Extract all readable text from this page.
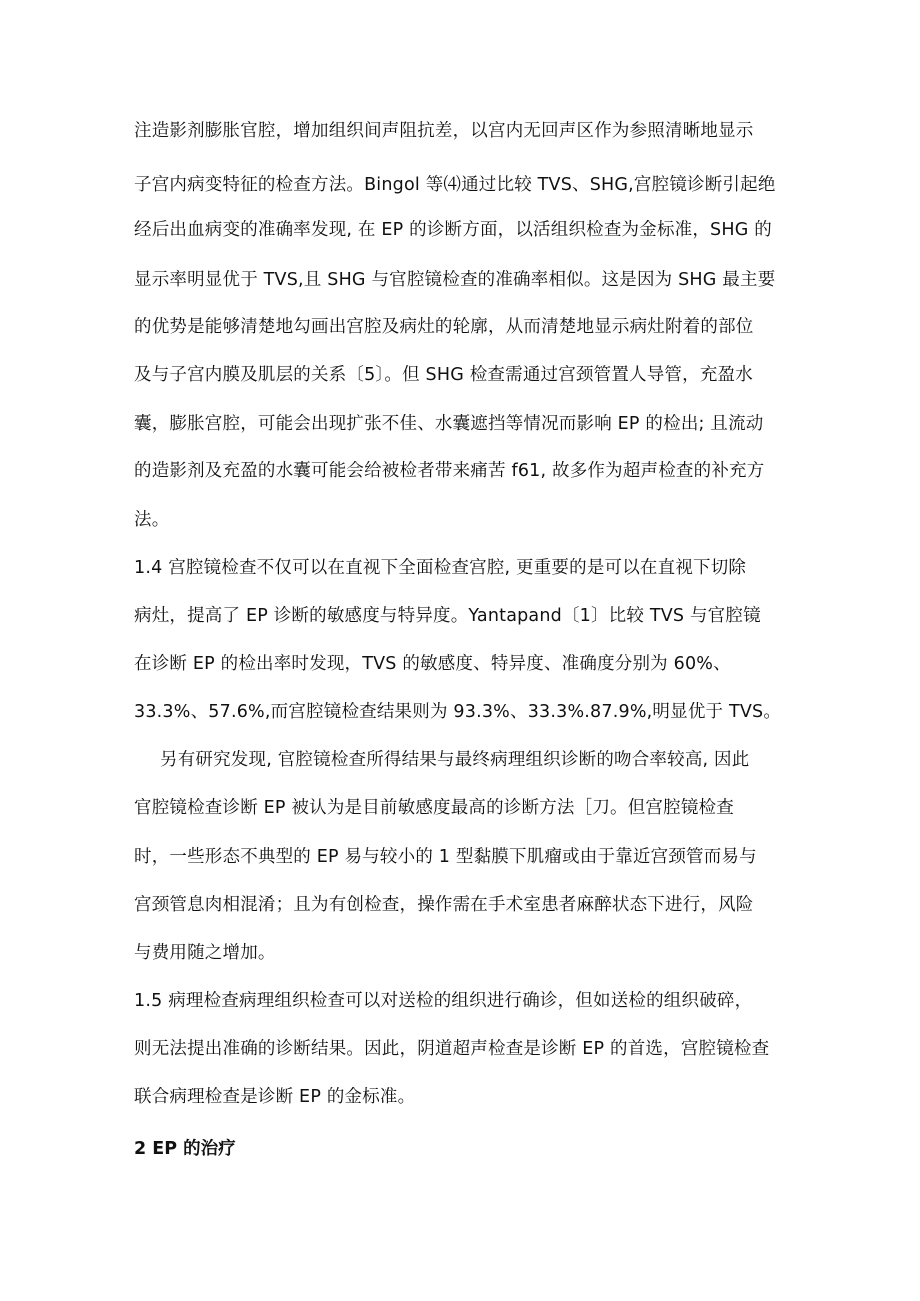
注造影剂膨胀官腔，增加组织间声阻抗差，以宫内无回声区作为参照清晰地显示
子宫内病变特征的检查方法。Bingol 等⑷通过比较 TVS、SHG,宫腔镜诊断引起绝
经后出血病变的准确率发现, 在 EP 的诊断方面，以活组织检查为金标准，SHG 的
显示率明显优于 TVS,且 SHG 与官腔镜检查的准确率相似。这是因为 SHG 最主要
的优势是能够清楚地勾画出宫腔及病灶的轮廓，从而清楚地显示病灶附着的部位
及与子宫内膜及肌层的关系〔5〕。但 SHG 检查需通过宫颈管置人导管，充盈水
囊，膨胀宫腔，可能会出现扩张不佳、水囊遮挡等情况而影响 EP 的检出; 且流动
的造影剂及充盈的水囊可能会给被检者带来痛苦 f61, 故多作为超声检查的补充方
法。
1.4 宫腔镜检查不仅可以在直视下全面检查宫腔, 更重要的是可以在直视下切除
病灶，提高了 EP 诊断的敏感度与特异度。Yantapand〔1〕比较 TVS 与官腔镜
在诊断 EP 的检出率时发现，TVS 的敏感度、特异度、准确度分别为 60%、
33.3%、57.6%,而宫腔镜检查结果则为 93.3%、33.3%.87.9%,明显优于 TVS。
另有研究发现, 官腔镜检查所得结果与最终病理组织诊断的吻合率较高, 因此
官腔镜检查诊断 EP 被认为是目前敏感度最高的诊断方法［刀。但宫腔镜检查
时，一些形态不典型的 EP 易与较小的 1 型黏膜下肌瘤或由于靠近宫颈管而易与
宫颈管息肉相混淆；且为有创检查，操作需在手术室患者麻醉状态下进行，风险
与费用随之增加。
1.5 病理检查病理组织检查可以对送检的组织进行确诊，但如送检的组织破碎，
则无法提出准确的诊断结果。因此，阴道超声检查是诊断 EP 的首选，宫腔镜检查
联合病理检查是诊断 EP 的金标准。
2 EP 的治疗
